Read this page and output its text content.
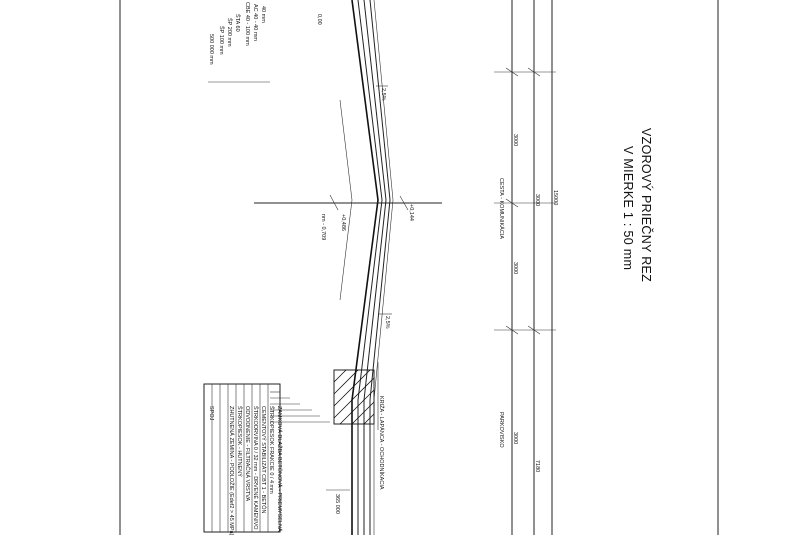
40 mm
AC 40 - 40 mm
CBE 40 - 100 mm
ŠTA 60
ŠP 200 mm
ŠP 100 mm
500 000 mm
0,00
2,5%
2,5%
+0,486
nm - 0,709
+0,144
KRIŽA - LAPÁNCA - OCHODNÍKACIA
365 000
ZAMKOVÁ DLAŽBA BETÓNOVÁ - PRIEMYSELNÁ
ŠTRKOPIESOK FRAKCIE 0 / 4 mm
CEMENTOVÝ STABILIZÁT CBT 1 - BETÓN
ŠTRKODRVINA 0 / 32 mm - DRVENÉ KAMENIVO
ODVODNENIE - FILTRAČNÁ VRSTVA
ŠTRKOPIESOK - HUTNENÝ
ZHUTNENÁ ZEMINA - PODLOŽIE (Edef2 > 45 MPa)
SPOJ
3000
3000
3000 15000
3000
7180
CESTA - KOMUNIKÁCIA
PARKOVISKO
VZOROVÝ PRIEČNY REZ
V MIERKE 1 : 50 mm
